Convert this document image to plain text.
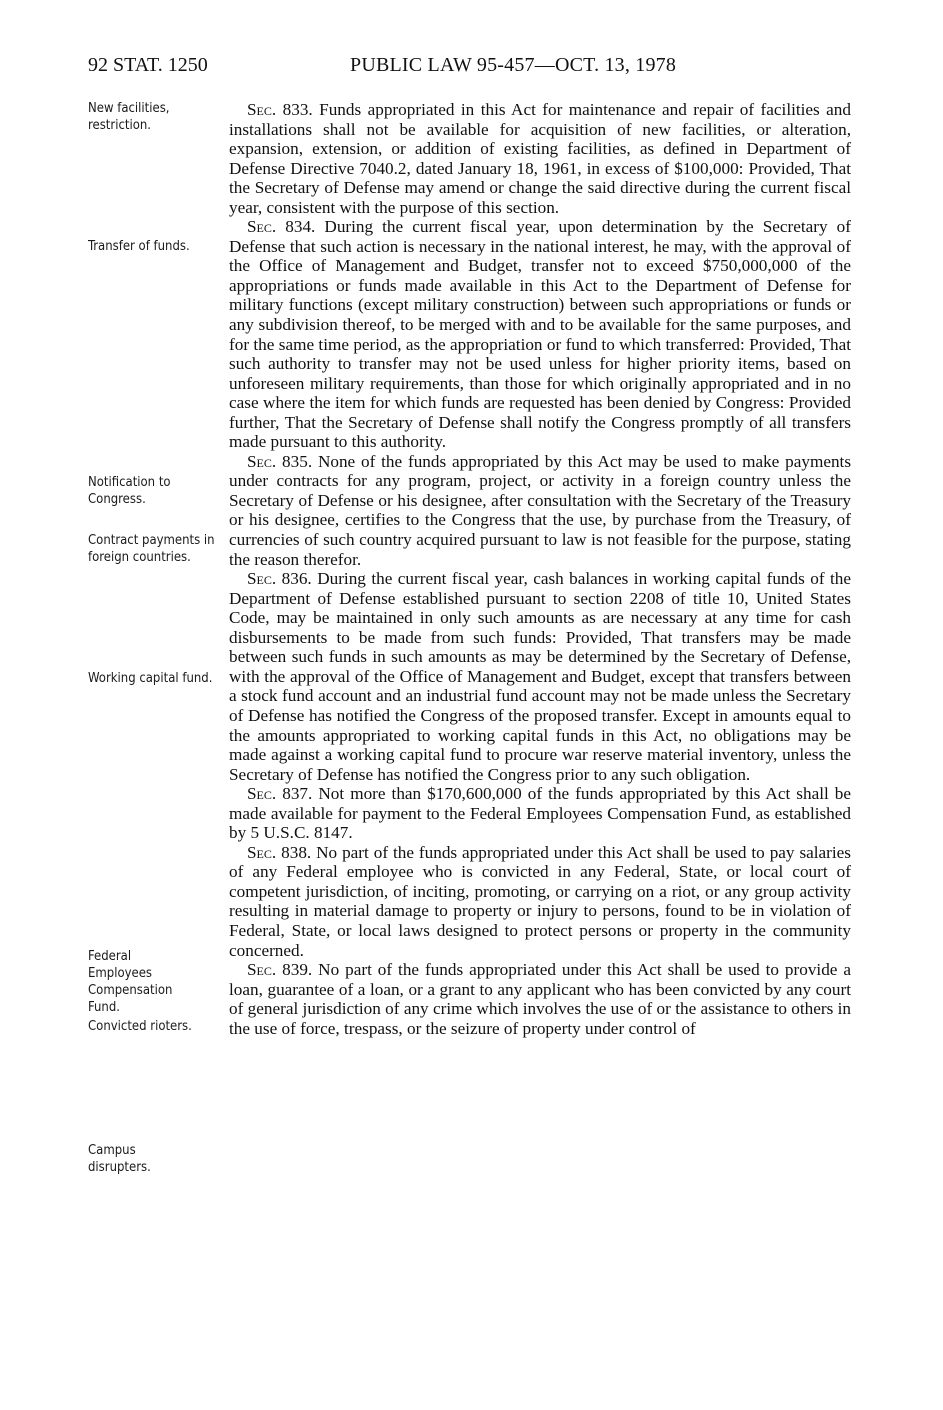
92 STAT. 1250	PUBLIC LAW 95-457—OCT. 13, 1978
New facilities, restriction.
Transfer of funds.
Notification to Congress.
Contract payments in foreign countries.
Working capital fund.
Federal Employees Compensation Fund.
Convicted rioters.
Campus disrupters.

Sec. 833. Funds appropriated in this Act for maintenance and repair of facilities and installations shall not be available for acquisition of new facilities, or alteration, expansion, extension, or addition of existing facilities, as defined in Department of Defense Directive 7040.2, dated January 18, 1961, in excess of $100,000: Provided, That the Secretary of Defense may amend or change the said directive during the current fiscal year, consistent with the purpose of this section.

Sec. 834. During the current fiscal year, upon determination by the Secretary of Defense that such action is necessary in the national interest, he may, with the approval of the Office of Management and Budget, transfer not to exceed $750,000,000 of the appropriations or funds made available in this Act to the Department of Defense for military functions (except military construction) between such appropriations or funds or any subdivision thereof, to be merged with and to be available for the same purposes, and for the same time period, as the appropriation or fund to which transferred: Provided, That such authority to transfer may not be used unless for higher priority items, based on unforeseen military requirements, than those for which originally appropriated and in no case where the item for which funds are requested has been denied by Congress: Provided further, That the Secretary of Defense shall notify the Congress promptly of all transfers made pursuant to this authority.

Sec. 835. None of the funds appropriated by this Act may be used to make payments under contracts for any program, project, or activity in a foreign country unless the Secretary of Defense or his designee, after consultation with the Secretary of the Treasury or his designee, certifies to the Congress that the use, by purchase from the Treasury, of currencies of such country acquired pursuant to law is not feasible for the purpose, stating the reason therefor.

Sec. 836. During the current fiscal year, cash balances in working capital funds of the Department of Defense established pursuant to section 2208 of title 10, United States Code, may be maintained in only such amounts as are necessary at any time for cash disbursements to be made from such funds: Provided, That transfers may be made between such funds in such amounts as may be determined by the Secretary of Defense, with the approval of the Office of Management and Budget, except that transfers between a stock fund account and an industrial fund account may not be made unless the Secretary of Defense has notified the Congress of the proposed transfer. Except in amounts equal to the amounts appropriated to working capital funds in this Act, no obligations may be made against a working capital fund to procure war reserve material inventory, unless the Secretary of Defense has notified the Congress prior to any such obligation.

Sec. 837. Not more than $170,600,000 of the funds appropriated by this Act shall be made available for payment to the Federal Employees Compensation Fund, as established by 5 U.S.C. 8147.

Sec. 838. No part of the funds appropriated under this Act shall be used to pay salaries of any Federal employee who is convicted in any Federal, State, or local court of competent jurisdiction, of inciting, promoting, or carrying on a riot, or any group activity resulting in material damage to property or injury to persons, found to be in violation of Federal, State, or local laws designed to protect persons or property in the community concerned.

Sec. 839. No part of the funds appropriated under this Act shall be used to provide a loan, guarantee of a loan, or a grant to any applicant who has been convicted by any court of general jurisdiction of any crime which involves the use of or the assistance to others in the use of force, trespass, or the seizure of property under control of
